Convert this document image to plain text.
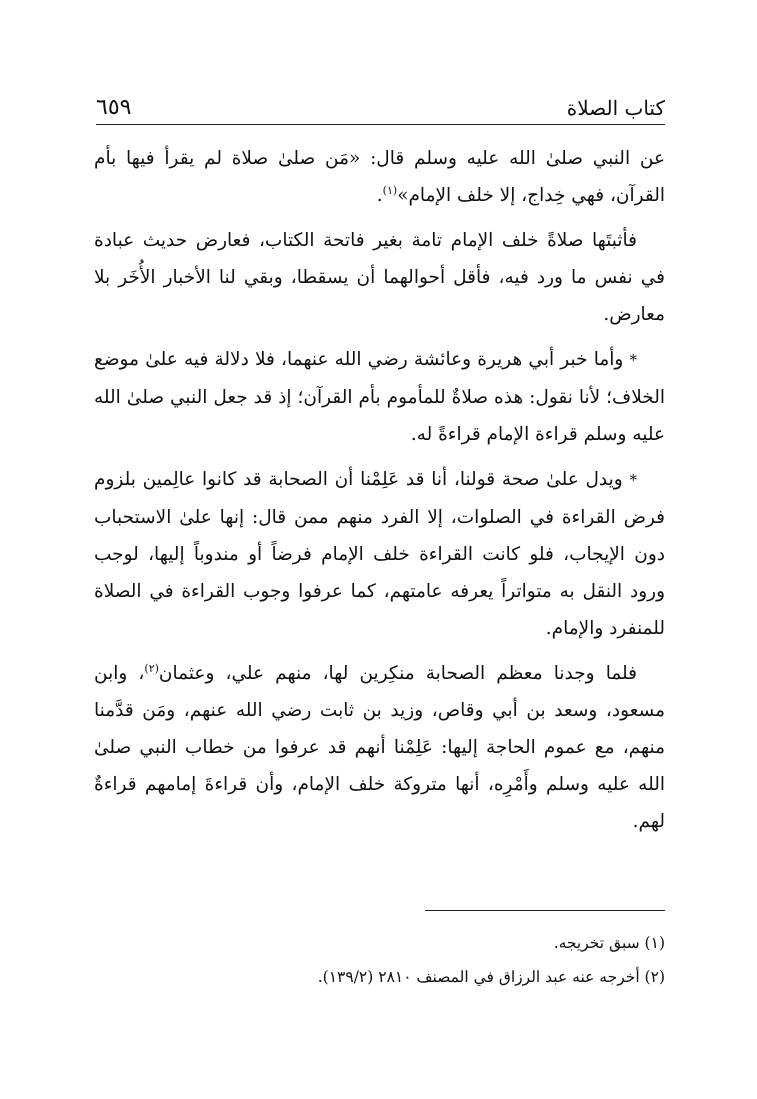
كتاب الصلاة
٦٥٩

عن النبي صلىٰ الله عليه وسلم قال: «مَن صلىٰ صلاة لم يقرأ فيها بأم القرآن، فهي خِداج، إلا خلف الإمام»$^{(١)}$.

فأثبتَها صلاةً خلف الإمام تامة بغير فاتحة الكتاب، فعارض حديث عبادة في نفس ما ورد فيه، فأقل أحوالهما أن يسقطا، وبقي لنا الأخبار الأُخَر بلا معارض.

* وأما خبر أبي هريرة وعائشة رضي الله عنهما، فلا دلالة فيه علىٰ موضع الخلاف؛ لأنا نقول: هذه صلاةٌ للمأموم بأم القرآن؛ إذ قد جعل النبي صلىٰ الله عليه وسلم قراءة الإمام قراءةً له.

* ويدل علىٰ صحة قولنا، أنا قد عَلِمْنا أن الصحابة قد كانوا عالِمين بلزوم فرض القراءة في الصلوات، إلا الفرد منهم ممن قال: إنها علىٰ الاستحباب دون الإيجاب، فلو كانت القراءة خلف الإمام فرضاً أو مندوباً إليها، لوجب ورود النقل به متواتراً يعرفه عامتهم، كما عرفوا وجوب القراءة في الصلاة للمنفرد والإمام.

فلما وجدنا معظم الصحابة منكِرين لها، منهم علي، وعثمان$^{(٢)}$، وابن مسعود، وسعد بن أبي وقاص، وزيد بن ثابت رضي الله عنهم، ومَن قدَّمنا منهم، مع عموم الحاجة إليها: عَلِمْنا أنهم قد عرفوا من خطاب النبي صلىٰ الله عليه وسلم وأَمْرِه، أنها متروكة خلف الإمام، وأن قراءةَ إمامهم قراءةٌ لهم.

(١) سبق تخريجه.
(٢) أخرجه عنه عبد الرزاق في المصنف ٢٨١٠ (١٣٩/٢).
